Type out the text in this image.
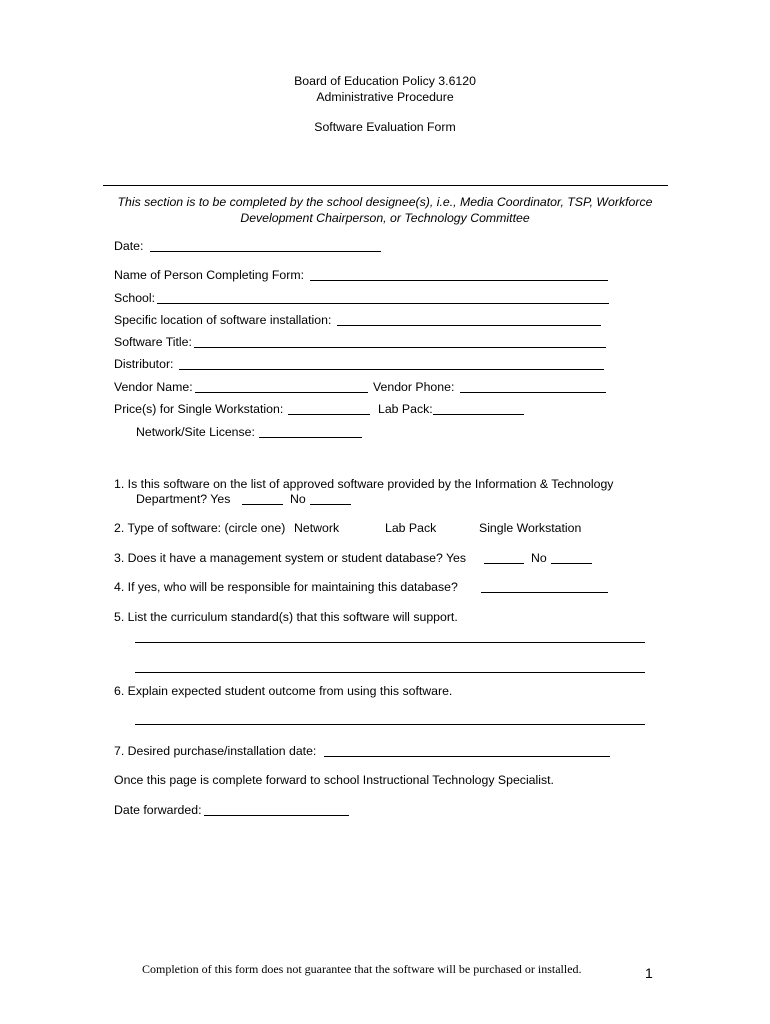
Board of Education Policy 3.6120
Administrative Procedure
Software Evaluation Form
This section is to be completed by the school designee(s), i.e., Media Coordinator, TSP, Workforce Development Chairperson, or Technology Committee
Date:
Name of Person Completing Form:
School:
Specific location of software installation:
Software Title:
Distributor:
Vendor Name:	Vendor Phone:
Price(s) for Single Workstation:	Lab Pack:
Network/Site License:
1. Is this software on the list of approved software provided by the Information & Technology
Department? Yes	No
2. Type of software: (circle one) Network	Lab Pack	Single Workstation
3. Does it have a management system or student database? Yes	No
4. If yes, who will be responsible for maintaining this database?
5. List the curriculum standard(s) that this software will support.
6. Explain expected student outcome from using this software.
7. Desired purchase/installation date:
Once this page is complete forward to school Instructional Technology Specialist.
Date forwarded:
Completion of this form does not guarantee that the software will be purchased or installed.	1
